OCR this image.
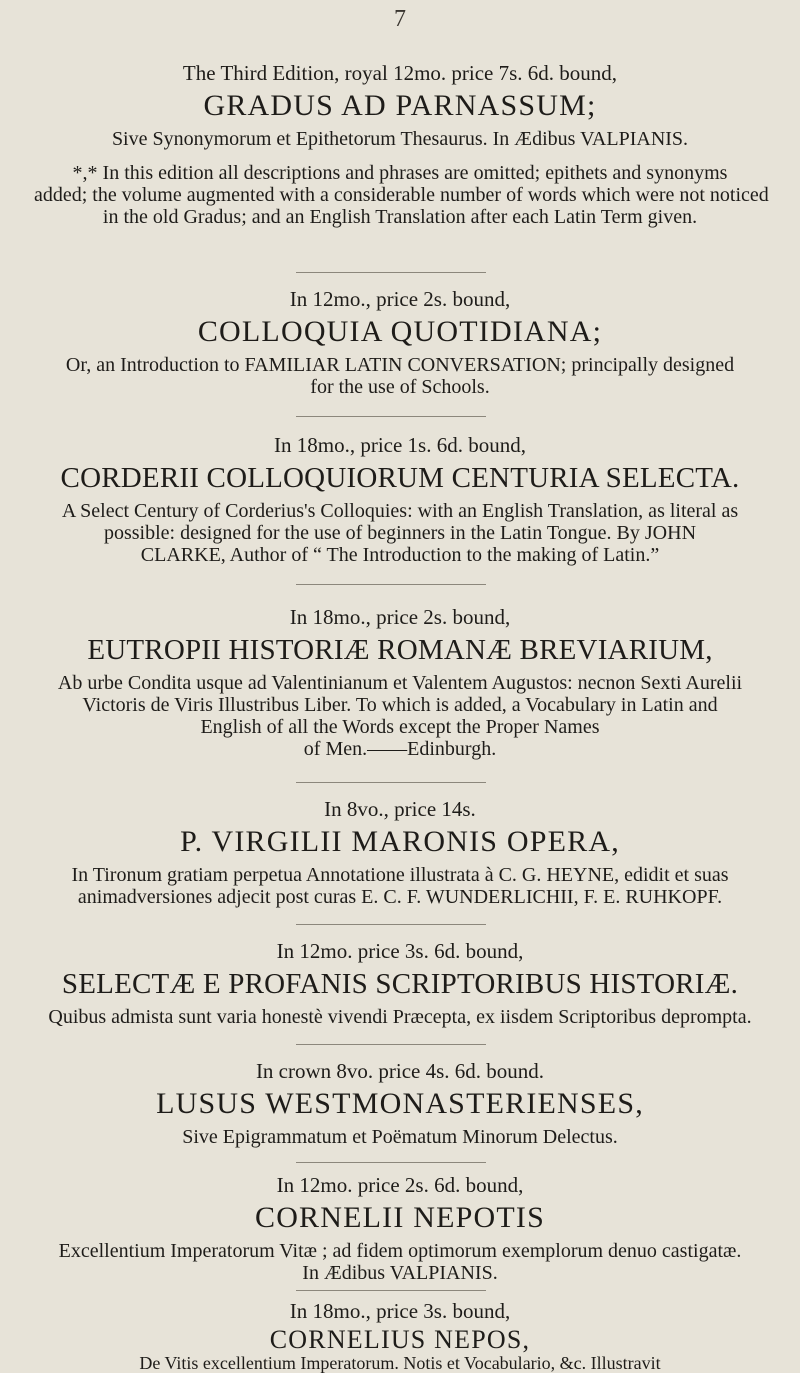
7
The Third Edition, royal 12mo. price 7s. 6d. bound,
GRADUS AD PARNASSUM;
Sive Synonymorum et Epithetorum Thesaurus. In Ædibus VALPIANIS.
*,* In this edition all descriptions and phrases are omitted; epithets and synonyms
added; the volume augmented with a considerable number of words which were not noticed
in the old Gradus; and an English Translation after each Latin Term given.
In 12mo., price 2s. bound,
COLLOQUIA QUOTIDIANA;
Or, an Introduction to FAMILIAR LATIN CONVERSATION; principally designed
for the use of Schools.
In 18mo., price 1s. 6d. bound,
CORDERII COLLOQUIORUM CENTURIA SELECTA.
A Select Century of Corderius's Colloquies: with an English Translation, as literal as
possible: designed for the use of beginners in the Latin Tongue. By JOHN
CLARKE, Author of “ The Introduction to the making of Latin.”
In 18mo., price 2s. bound,
EUTROPII HISTORIÆ ROMANÆ BREVIARIUM,
Ab urbe Condita usque ad Valentinianum et Valentem Augustos: necnon Sexti Aurelii
Victoris de Viris Illustribus Liber. To which is added, a Vocabulary in Latin and
English of all the Words except the Proper Names
of Men.——Edinburgh.
In 8vo., price 14s.
P. VIRGILII MARONIS OPERA,
In Tironum gratiam perpetua Annotatione illustrata à C. G. HEYNE, edidit et suas
animadversiones adjecit post curas E. C. F. WUNDERLICHII, F. E. RUHKOPF.
In 12mo. price 3s. 6d. bound,
SELECTÆ E PROFANIS SCRIPTORIBUS HISTORIÆ.
Quibus admista sunt varia honestè vivendi Præcepta, ex iisdem Scriptoribus deprompta.
In crown 8vo. price 4s. 6d. bound.
LUSUS WESTMONASTERIENSES,
Sive Epigrammatum et Poëmatum Minorum Delectus.
In 12mo. price 2s. 6d. bound,
CORNELII NEPOTIS
Excellentium Imperatorum Vitæ ; ad fidem optimorum exemplorum denuo castigatæ.
In Ædibus VALPIANIS.
In 18mo., price 3s. bound,
CORNELIUS NEPOS,
De Vitis excellentium Imperatorum. Notis et Vocabulario, &c. Illustravit
